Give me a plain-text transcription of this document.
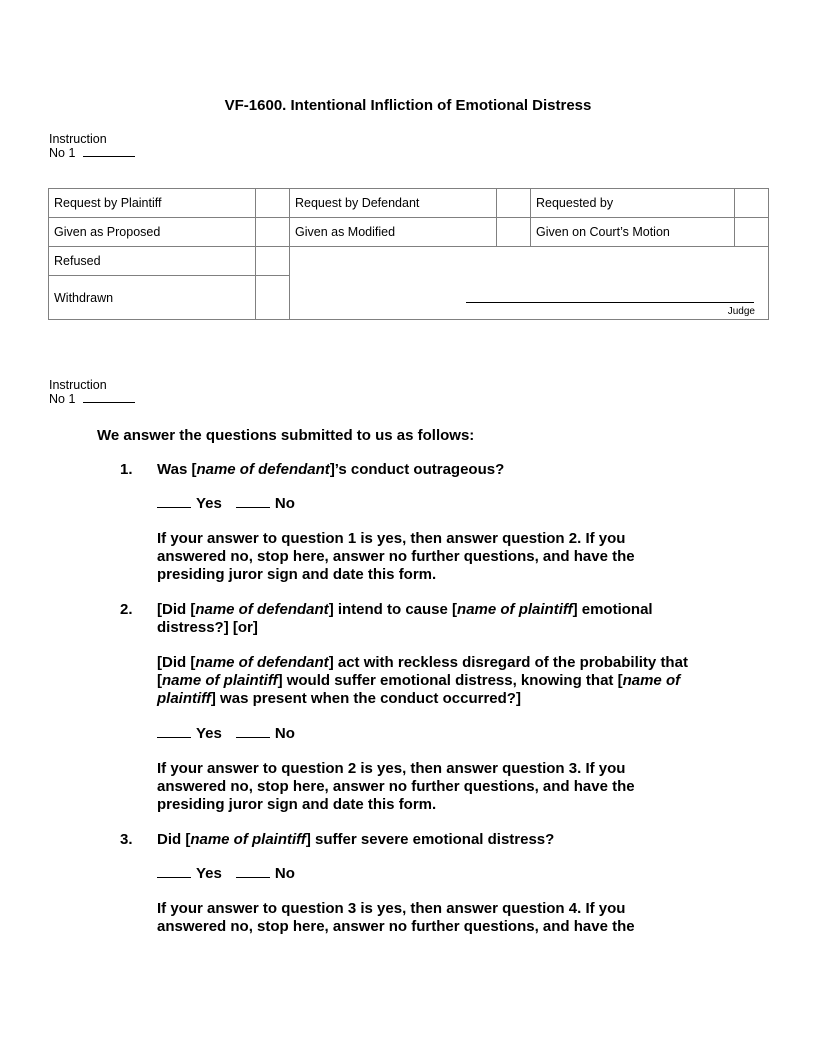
VF-1600. Intentional Infliction of Emotional Distress
Instruction
No 1
Request by Plaintiff		Request by Defendant		Requested by	
Given as Proposed		Given as Modified		Given on Court’s Motion	
Refused		Judge			

Withdrawn					
Instruction
No 1
We answer the questions submitted to us as follows:
1. Was [name of defendant]’s conduct outrageous?
Yes	No
If your answer to question 1 is yes, then answer question 2. If you answered no, stop here, answer no further questions, and have the presiding juror sign and date this form.
2. [Did [name of defendant] intend to cause [name of plaintiff] emotional distress?] [or]
[Did [name of defendant] act with reckless disregard of the probability that [name of plaintiff] would suffer emotional distress, knowing that [name of plaintiff] was present when the conduct occurred?]
Yes	No
If your answer to question 2 is yes, then answer question 3. If you answered no, stop here, answer no further questions, and have the presiding juror sign and date this form.
3. Did [name of plaintiff] suffer severe emotional distress?
Yes	No
If your answer to question 3 is yes, then answer question 4. If you answered no, stop here, answer no further questions, and have the
